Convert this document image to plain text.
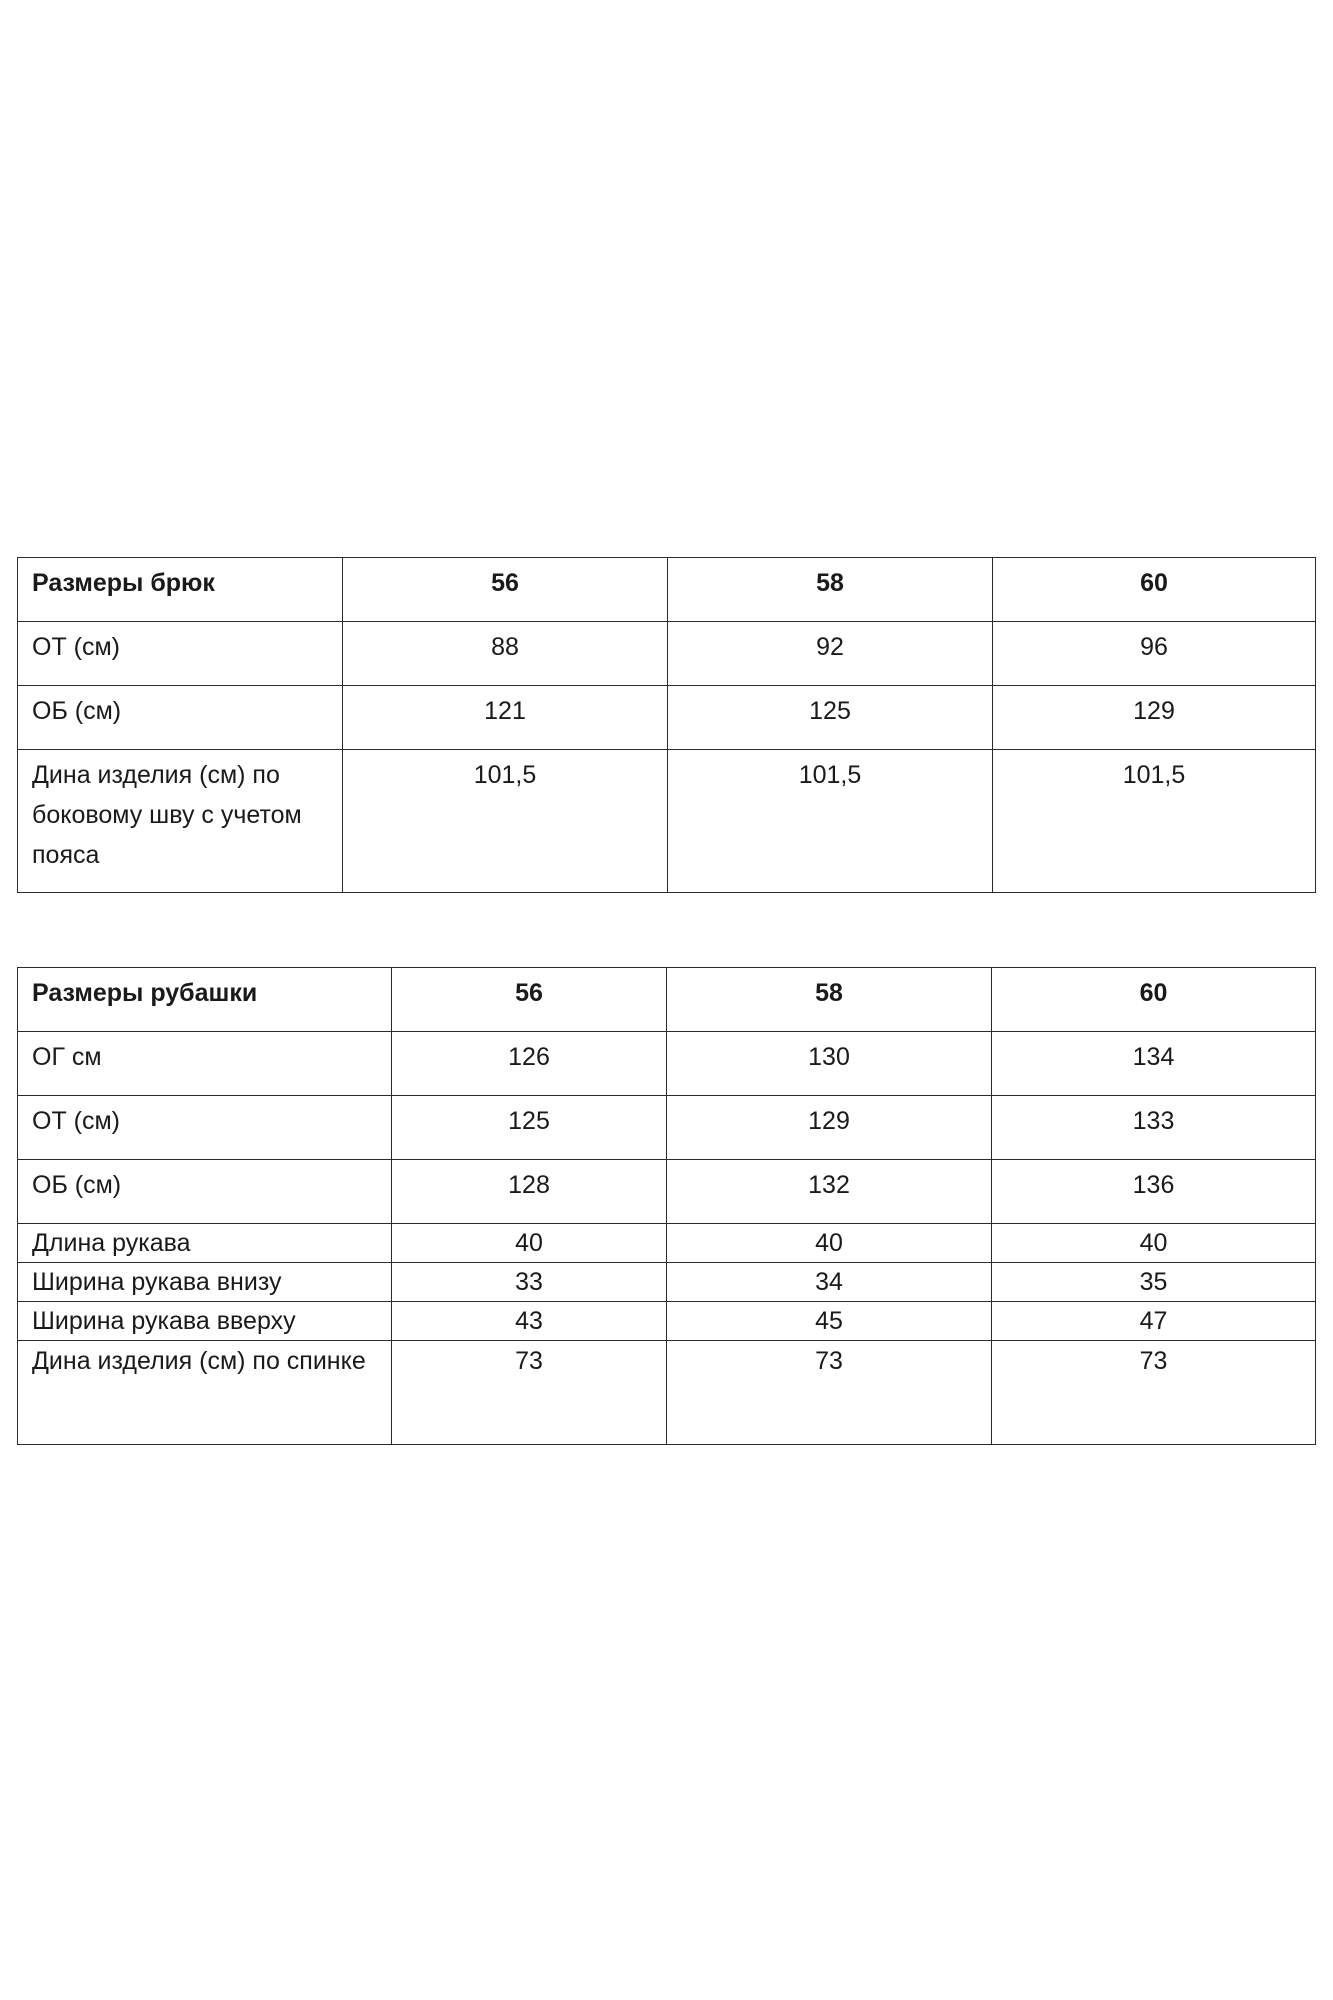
Размеры брюк	56	58	60
ОТ (см)	88	92	96
ОБ (см)	121	125	129
Дина изделия (см) по боковому шву с учетом пояса	101,5	101,5	101,5
Размеры рубашки	56	58	60
ОГ см	126	130	134
ОТ (см)	125	129	133
ОБ (см)	128	132	136
Длина рукава	40	40	40
Ширина рукава внизу	33	34	35
Ширина рукава вверху	43	45	47
Дина изделия (см) по спинке	73	73	73
